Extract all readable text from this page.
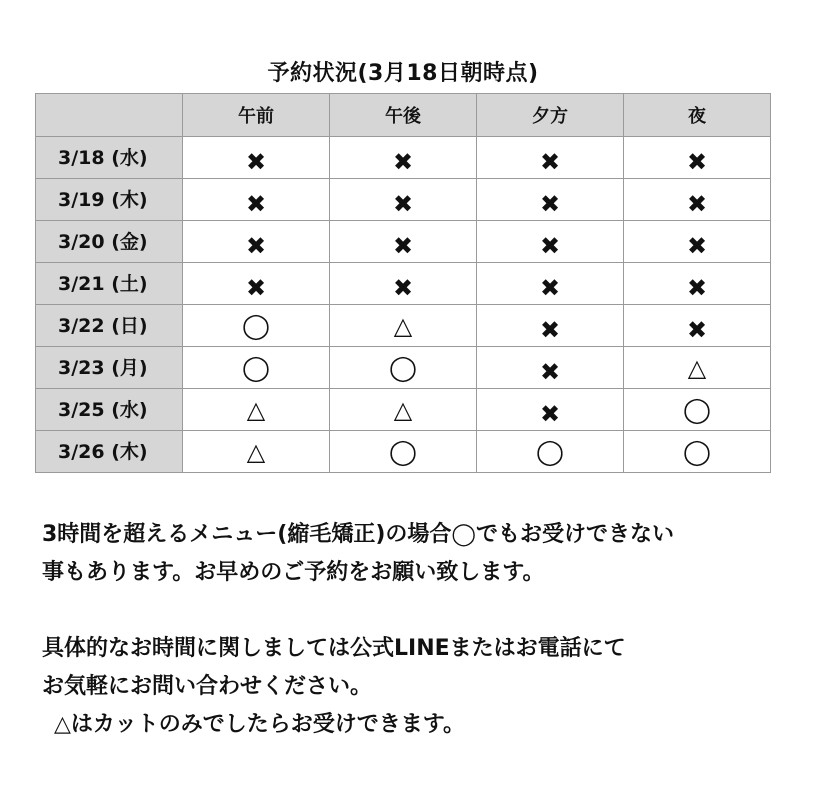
予約状況(3月18日朝時点)
	午前	午後	夕方	夜
3/18 (水)	✖	✖	✖	✖
3/19 (木)	✖	✖	✖	✖
3/20 (金)	✖	✖	✖	✖
3/21 (土)	✖	✖	✖	✖
3/22 (日)	◯	△	✖	✖
3/23 (月)	◯	◯	✖	△
3/25 (水)	△	△	✖	◯
3/26 (木)	△	◯	◯	◯

3時間を超えるメニュー(縮毛矯正)の場合◯でもお受けできない

事もあります。お早めのご予約をお願い致します。

具体的なお時間に関しましては公式LINEまたはお電話にて

お気軽にお問い合わせください。

△はカットのみでしたらお受けできます。
